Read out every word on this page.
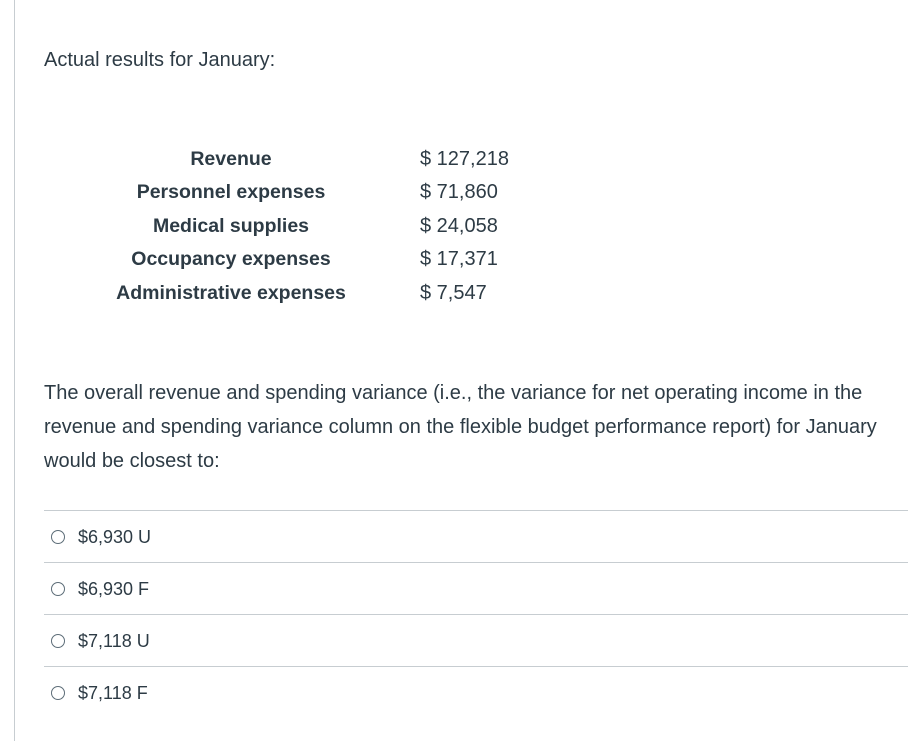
Actual results for January:
Revenue		$ 127,218
Personnel expenses		$ 71,860
Medical supplies		$ 24,058
Occupancy expenses		$ 17,371
Administrative expenses		$ 7,547
The overall revenue and spending variance (i.e., the variance for net operating income in the revenue and spending variance column on the flexible budget performance report) for January would be closest to:
$6,930 U
$6,930 F
$7,118 U
$7,118 F
